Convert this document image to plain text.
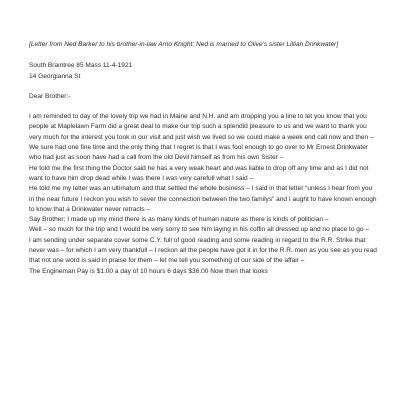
[Letter from Ned Barker to his brother-in-law Arno Knight; Ned is married to Olive’s sister Lillian Drinkwater]

South Braintree 85 Mass 11-4-1921
14 Georgianna St
Dear Brother:-

I am reminded to day of the lovely trip we had in Maine and N.H. and am dropping you a line to let you know that you people at Maplelawn Farm did a great deal to make our trip such a splendid pleasure to us and we want to thank you very much for the interest you took in our visit and just wish we lived so we could make a week end call now and then –

We sure had one fine time and the only thing that I regret is that I was fool enough to go over to Mr Ernest Drinkwater who had just as soon have had a call from the old Devil himself as from his own Sister –

He told me the first thing the Doctor said he has a very weak heart and was liable to drop off any time and as I did not want to have him drop dead while I was there I was very carefull what I said –

He told me my letter was an ultimatum and that settled the whole business – I said in that letter “unless I hear from you in the near future I reckon you wish to sever the connection between the two familys” and I aught to have known enough to know that a Drinkwater never retracts –

Say Brother; I made up my mind there is as many kinds of human nature as there is kinds of politician –

Well – so much for the trip and I would be very sorry to see him laying in his coffin all dressed up and no place to go –

I am sending under separate cover some C.Y. full of good reading and some reading in regard to the R.R. Strike that never was – for which I am very thankfull – I reckon all the people have got it in for the R.R. men as you see as you read that not one word is said in praise for them – let me tell you something of our side of the affair –

The Engineman Pay is $1.00 a day of 10 hours 6 days $36.00 Now then that looks
